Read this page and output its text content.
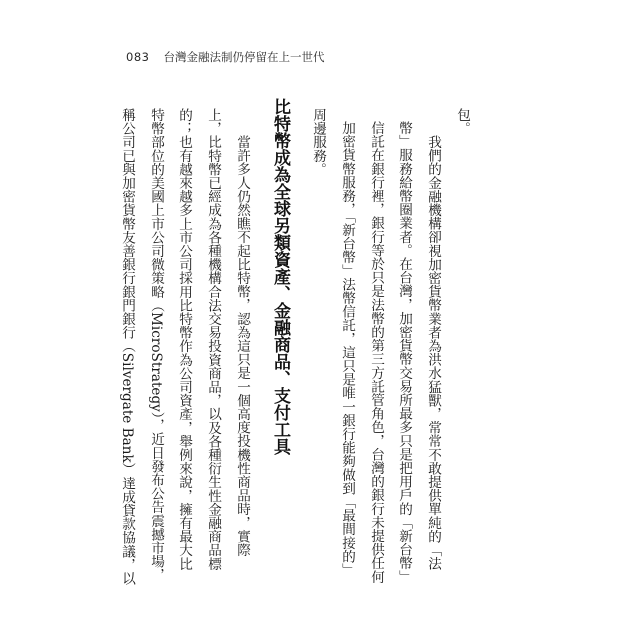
083 台灣金融法制仍停留在上一世代
包。
我們的金融機構卻視加密貨幣業者為洪水猛獸，常常不敢提供單純的「法
幣」服務給幣圈業者。在台灣，加密貨幣交易所最多只是把用戶的「新台幣」
信託在銀行裡，銀行等於只是法幣的第三方託管角色，台灣的銀行未提供任何
加密貨幣服務，「新台幣」法幣信託，這只是唯一銀行能夠做到「最間接的」
周邊服務。
比特幣成為全球另類資產、金融商品、支付工具
當許多人仍然瞧不起比特幣，認為這只是一個高度投機性商品時，實際
上，比特幣已經成為各種機構合法交易投資商品，以及各種衍生性金融商品標
的；也有越來越多上市公司採用比特幣作為公司資產，舉例來說，擁有最大比
特幣部位的美國上市公司微策略（MicroStrategy），近日發布公告震撼市場，
稱公司已與加密貨幣友善銀行銀門銀行（Silvergate Bank）達成貸款協議，以
